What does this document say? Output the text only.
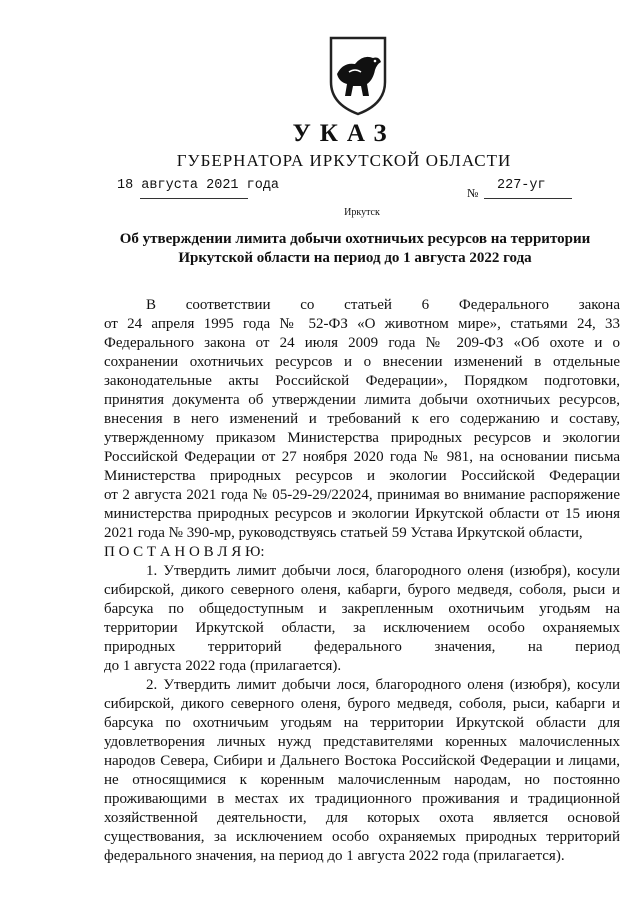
УКАЗ
ГУБЕРНАТОРА ИРКУТСКОЙ ОБЛАСТИ
18 августа 2021 года	№ 227-уг
Иркутск
Об утверждении лимита добычи охотничьих ресурсов на территории
Иркутской области на период до 1 августа 2022 года
В соответствии со статьей 6 Федерального закона
от 24 апреля 1995 года № 52-ФЗ «О животном мире», статьями 24, 33
Федерального закона от 24 июля 2009 года № 209-ФЗ «Об охоте и о
сохранении охотничьих ресурсов и о внесении изменений в отдельные
законодательные акты Российской Федерации», Порядком подготовки,
принятия документа об утверждении лимита добычи охотничьих ресурсов,
внесения в него изменений и требований к его содержанию и составу,
утвержденному приказом Министерства природных ресурсов и экологии
Российской Федерации от 27 ноября 2020 года № 981, на основании письма
Министерства природных ресурсов и экологии Российской Федерации
от 2 августа 2021 года № 05-29-29/22024, принимая во внимание распоряжение
министерства природных ресурсов и экологии Иркутской области от 15 июня
2021 года № 390-мр, руководствуясь статьей 59 Устава Иркутской области,
П О С Т А Н О В Л Я Ю:
1. Утвердить лимит добычи лося, благородного оленя (изюбря), косули
сибирской, дикого северного оленя, кабарги, бурого медведя, соболя, рыси и
барсука по общедоступным и закрепленным охотничьим угодьям на
территории Иркутской области, за исключением особо охраняемых
природных территорий федерального значения, на период
до 1 августа 2022 года (прилагается).
2. Утвердить лимит добычи лося, благородного оленя (изюбря), косули
сибирской, дикого северного оленя, бурого медведя, соболя, рыси, кабарги и
барсука по охотничьим угодьям на территории Иркутской области для
удовлетворения личных нужд представителями коренных малочисленных
народов Севера, Сибири и Дальнего Востока Российской Федерации и лицами,
не относящимися к коренным малочисленным народам, но постоянно
проживающими в местах их традиционного проживания и традиционной
хозяйственной деятельности, для которых охота является основой
существования, за исключением особо охраняемых природных территорий
федерального значения, на период до 1 августа 2022 года (прилагается).
